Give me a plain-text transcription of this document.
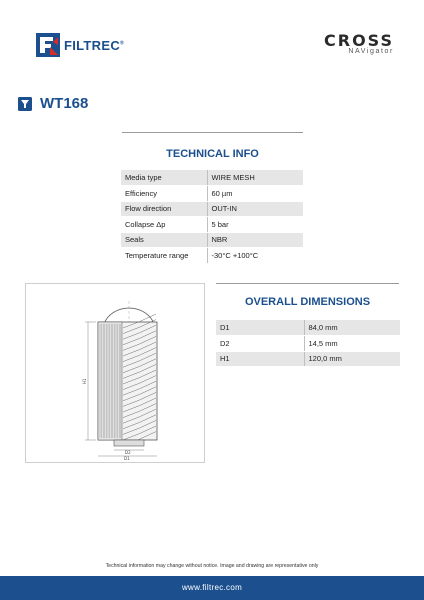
FILTREC®	CROSS
NAVigator
WT168
TECHNICAL INFO
Media type	WIRE MESH
Efficiency	60 µm
Flow direction	OUT-IN
Collapse Δp	5 bar
Seals	NBR
Temperature range	-30°C +100°C
H1
D2
D1
OVERALL DIMENSIONS
D1	84,0 mm
D2	14,5 mm
H1	120,0 mm
Technical information may change without notice. Image and drawing are representative only
www.filtrec.com
